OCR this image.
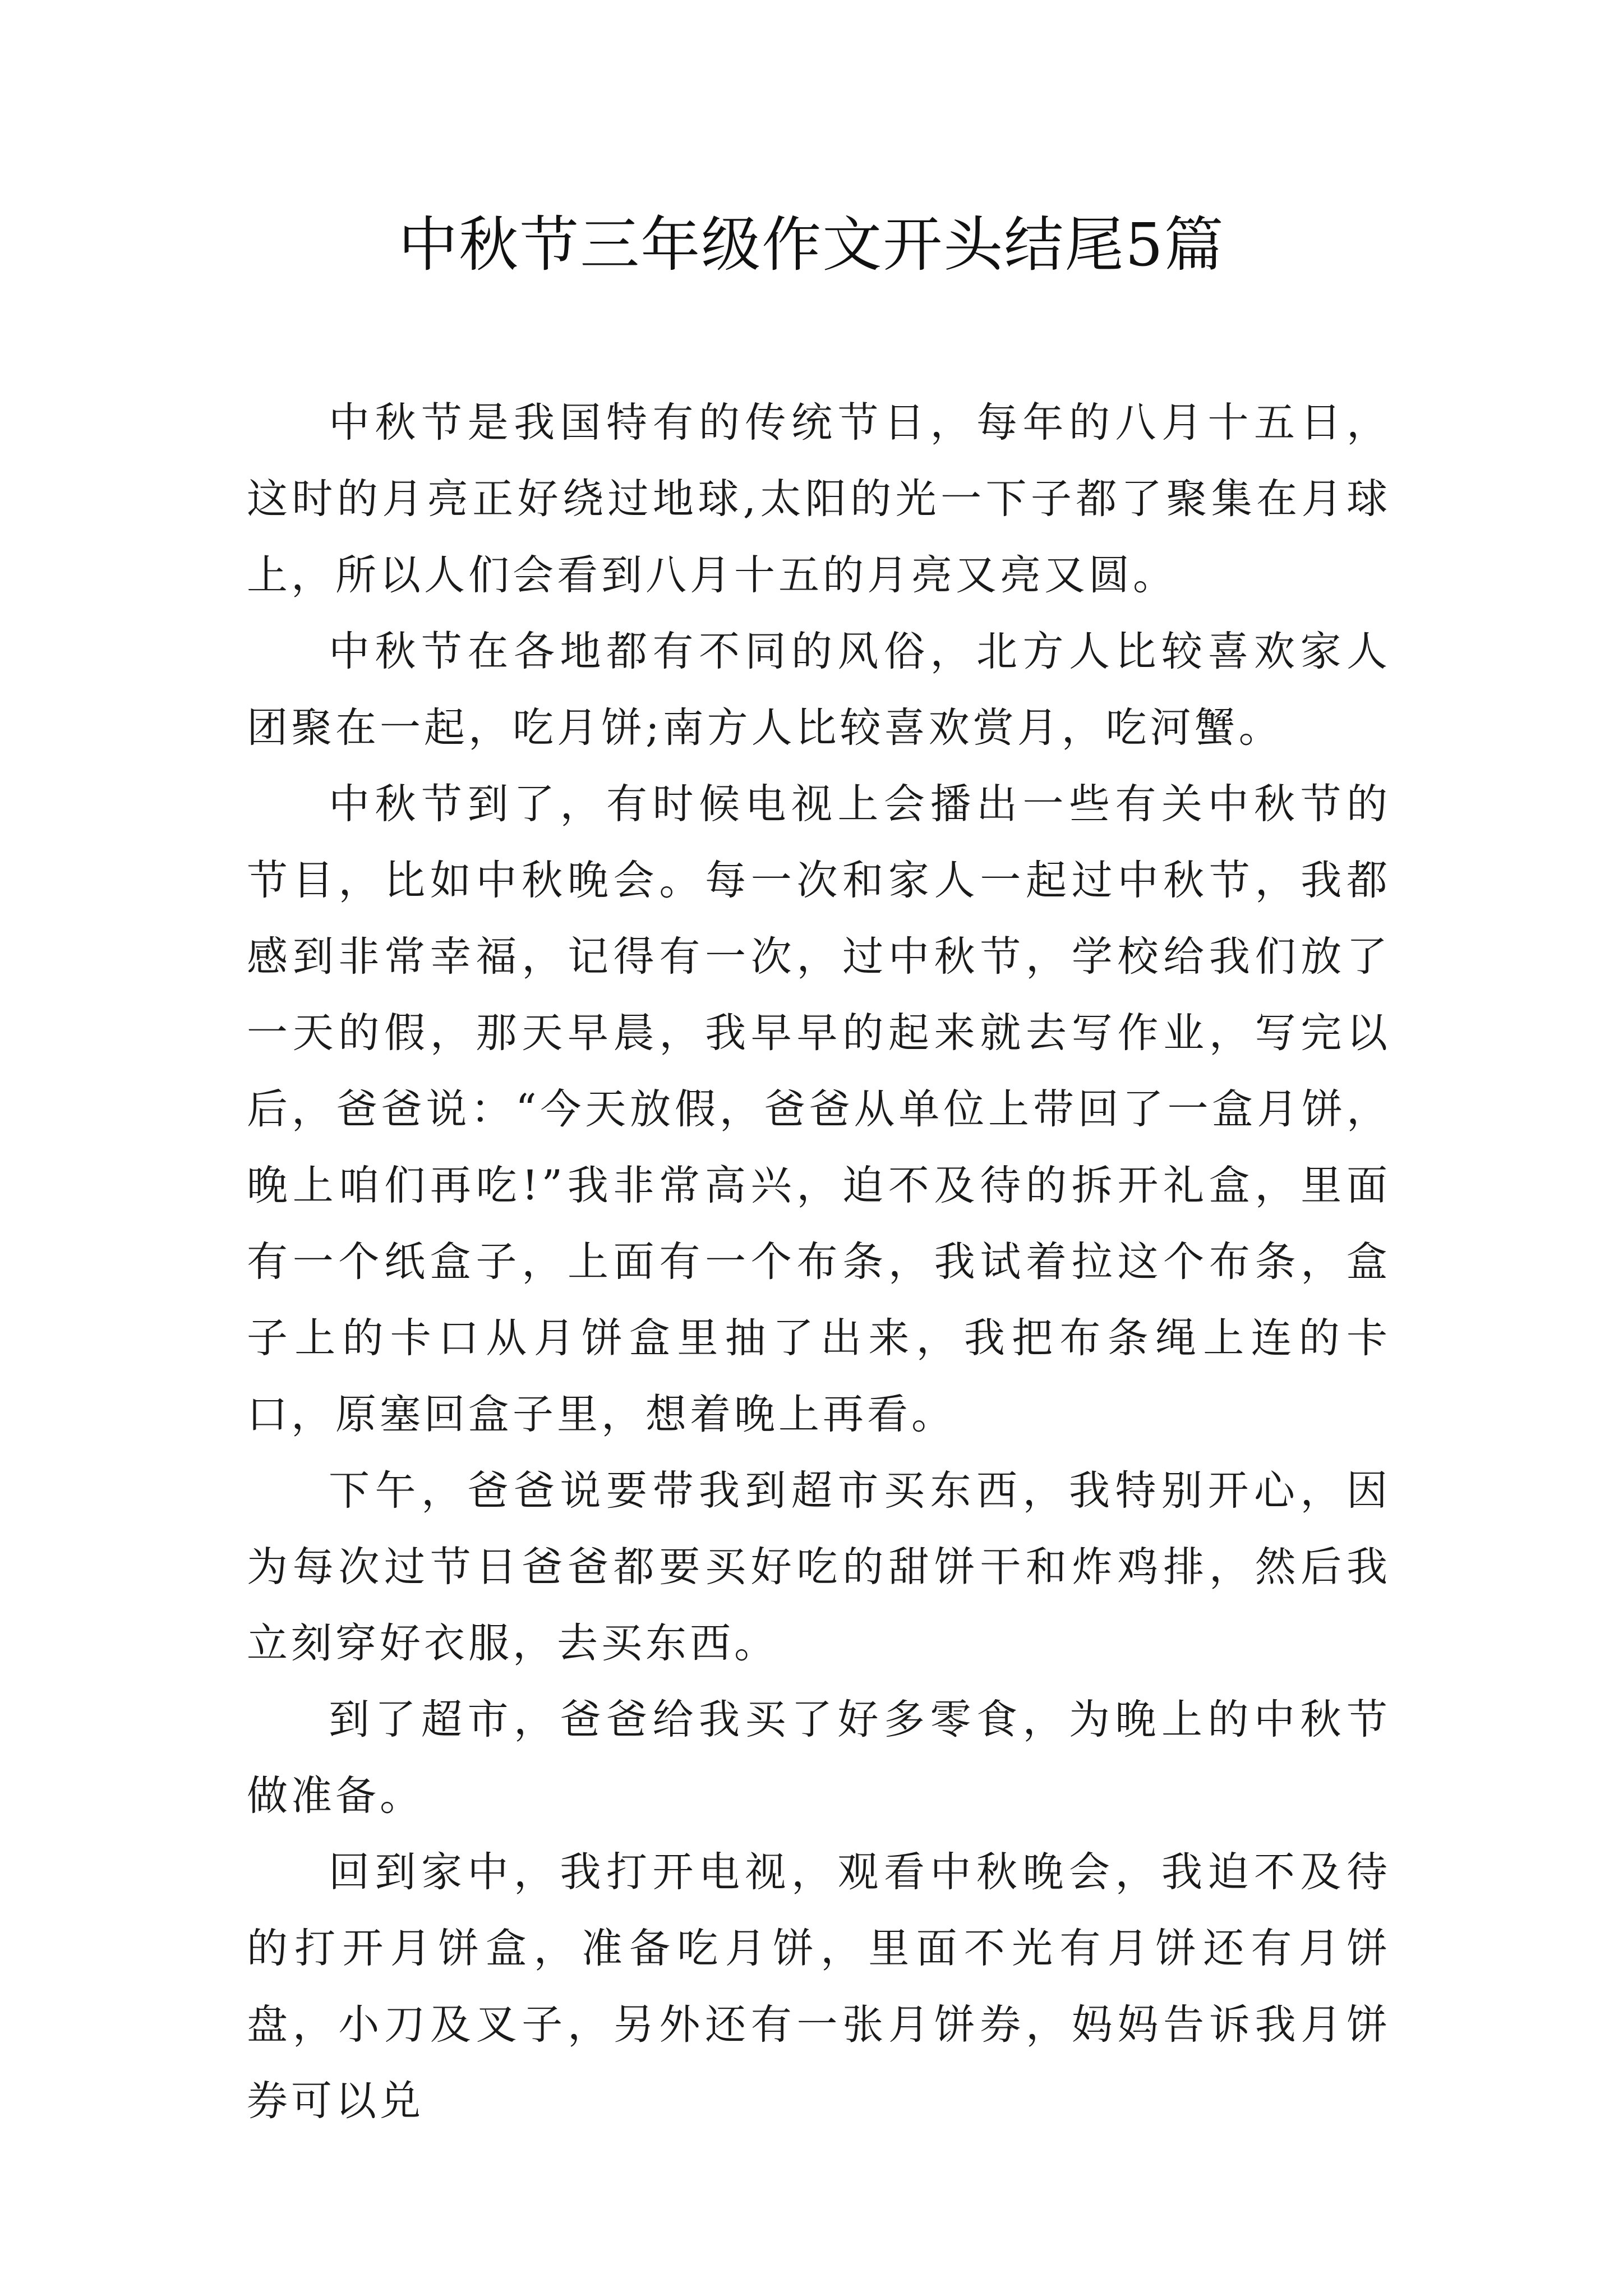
中秋节三年级作文开头结尾5篇

中秋节是我国特有的传统节日，每年的八月十五日，这时的月亮正好绕过地球,太阳的光一下子都了聚集在月球上，所以人们会看到八月十五的月亮又亮又圆。

中秋节在各地都有不同的风俗，北方人比较喜欢家人团聚在一起，吃月饼;南方人比较喜欢赏月，吃河蟹。

中秋节到了，有时候电视上会播出一些有关中秋节的节目，比如中秋晚会。每一次和家人一起过中秋节，我都感到非常幸福，记得有一次，过中秋节，学校给我们放了一天的假，那天早晨，我早早的起来就去写作业，写完以后，爸爸说：“今天放假，爸爸从单位上带回了一盒月饼，晚上咱们再吃!”我非常高兴，迫不及待的拆开礼盒，里面有一个纸盒子，上面有一个布条，我试着拉这个布条，盒子上的卡口从月饼盒里抽了出来，我把布条绳上连的卡口，原塞回盒子里，想着晚上再看。

下午，爸爸说要带我到超市买东西，我特别开心，因为每次过节日爸爸都要买好吃的甜饼干和炸鸡排，然后我立刻穿好衣服，去买东西。

到了超市，爸爸给我买了好多零食，为晚上的中秋节做准备。

回到家中，我打开电视，观看中秋晚会，我迫不及待的打开月饼盒，准备吃月饼，里面不光有月饼还有月饼盘，小刀及叉子，另外还有一张月饼券，妈妈告诉我月饼券可以兑
